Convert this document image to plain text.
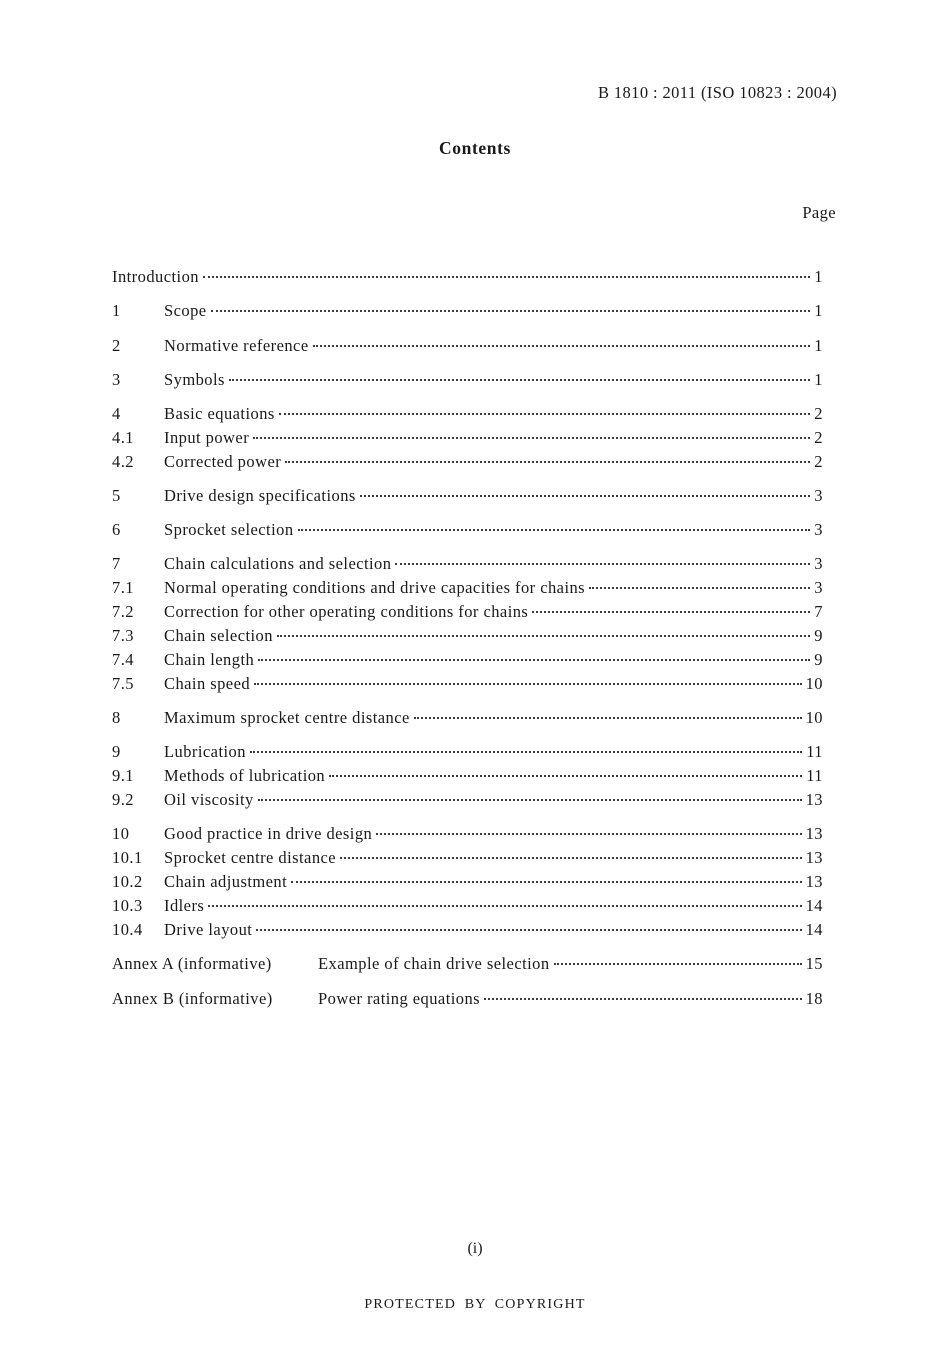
B 1810 : 2011 (ISO 10823 : 2004)
Contents
Page
Introduction	1
1	Scope	1
2	Normative reference	1
3	Symbols	1
4	Basic equations	2
4.1	Input power	2
4.2	Corrected power	2
5	Drive design specifications	3
6	Sprocket selection	3
7	Chain calculations and selection	3
7.1	Normal operating conditions and drive capacities for chains	3
7.2	Correction for other operating conditions for chains	7
7.3	Chain selection	9
7.4	Chain length	9
7.5	Chain speed	10
8	Maximum sprocket centre distance	10
9	Lubrication	11
9.1	Methods of lubrication	11
9.2	Oil viscosity	13
10	Good practice in drive design	13
10.1	Sprocket centre distance	13
10.2	Chain adjustment	13
10.3	Idlers	14
10.4	Drive layout	14
Annex A (informative)	Example of chain drive selection	15
Annex B (informative)	Power rating equations	18
(i)
PROTECTED BY COPYRIGHT
